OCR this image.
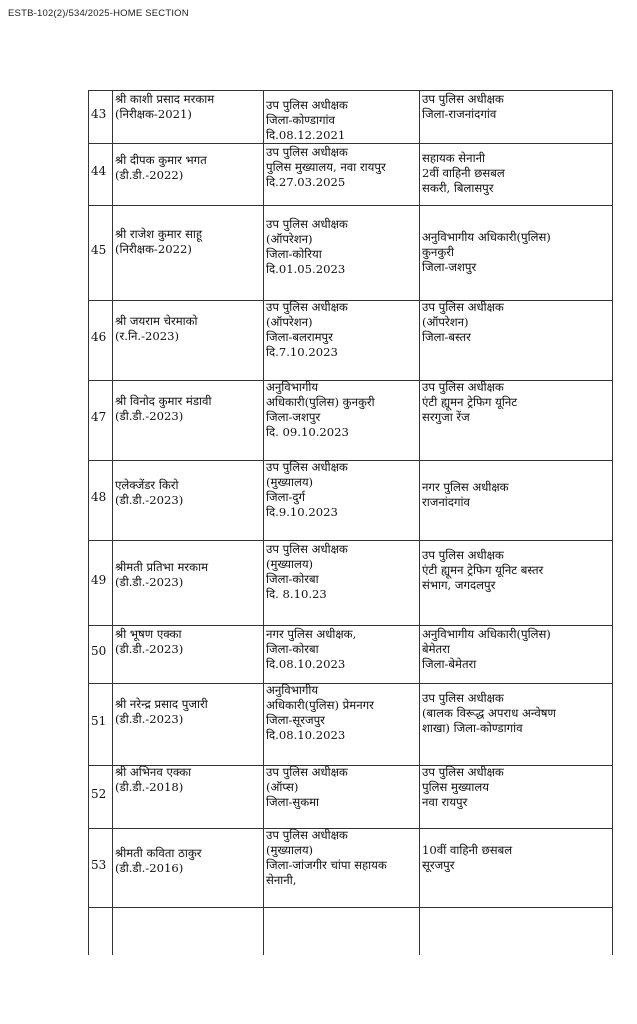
ESTB-102(2)/534/2025-HOME SECTION
43
श्री काशी प्रसाद मरकाम
(निरीक्षक-2021)
उप पुलिस अधीक्षक
जिला-कोण्डागांव
दि.08.12.2021
उप पुलिस अधीक्षक
जिला-राजनांदगांव
44
श्री दीपक कुमार भगत
(डी.डी.-2022)
उप पुलिस अधीक्षक
पुलिस मुख्यालय, नवा रायपुर
दि.27.03.2025
सहायक सेनानी
2वीं वाहिनी छसबल
सकरी, बिलासपुर
45
श्री राजेश कुमार साहू
(निरीक्षक-2022)
उप पुलिस अधीक्षक
(ऑपरेशन)
जिला-कोरिया
दि.01.05.2023
अनुविभागीय अधिकारी(पुलिस)
कुनकुरी
जिला-जशपुर
46
श्री जयराम चेरमाको
(र.नि.-2023)
उप पुलिस अधीक्षक
(ऑपरेशन)
जिला-बलरामपुर
दि.7.10.2023
उप पुलिस अधीक्षक
(ऑपरेशन)
जिला-बस्तर
47
श्री विनोद कुमार मंडावी
(डी.डी.-2023)
अनुविभागीय
अधिकारी(पुलिस) कुनकुरी
जिला-जशपुर
दि. 09.10.2023
उप पुलिस अधीक्षक
एंटी ह्यूमन ट्रेफिग यूनिट
सरगुजा रेंज
48
एलेक्जेंडर किरो
(डी.डी.-2023)
उप पुलिस अधीक्षक
(मुख्यालय)
जिला-दुर्ग
दि.9.10.2023
नगर पुलिस अधीक्षक
राजनांदगांव
49
श्रीमती प्रतिभा मरकाम
(डी.डी.-2023)
उप पुलिस अधीक्षक
(मुख्यालय)
जिला-कोरबा
दि. 8.10.23
उप पुलिस अधीक्षक
एंटी ह्यूमन ट्रेफिग यूनिट बस्तर
संभाग, जगदलपुर
50
श्री भूषण एक्का
(डी.डी.-2023)
नगर पुलिस अधीक्षक,
जिला-कोरबा
दि.08.10.2023
अनुविभागीय अधिकारी(पुलिस)
बेमेतरा
जिला-बेमेतरा
51
श्री नरेन्द्र प्रसाद पुजारी
(डी.डी.-2023)
अनुविभागीय
अधिकारी(पुलिस) प्रेमनगर
जिला-सूरजपुर
दि.08.10.2023
उप पुलिस अधीक्षक
(बालक विरूद्ध अपराध अन्वेषण
शाखा) जिला-कोण्डागांव
52
श्री अभिनव एक्का
(डी.डी.-2018)
उप पुलिस अधीक्षक
(ऑप्स)
जिला-सुकमा
उप पुलिस अधीक्षक
पुलिस मुख्यालय
नवा रायपुर
53
श्रीमती कविता ठाकुर
(डी.डी.-2016)
उप पुलिस अधीक्षक
(मुख्यालय)
जिला-जांजगीर चांपा सहायक
सेनानी,
10वीं वाहिनी छसबल
सूरजपुर
